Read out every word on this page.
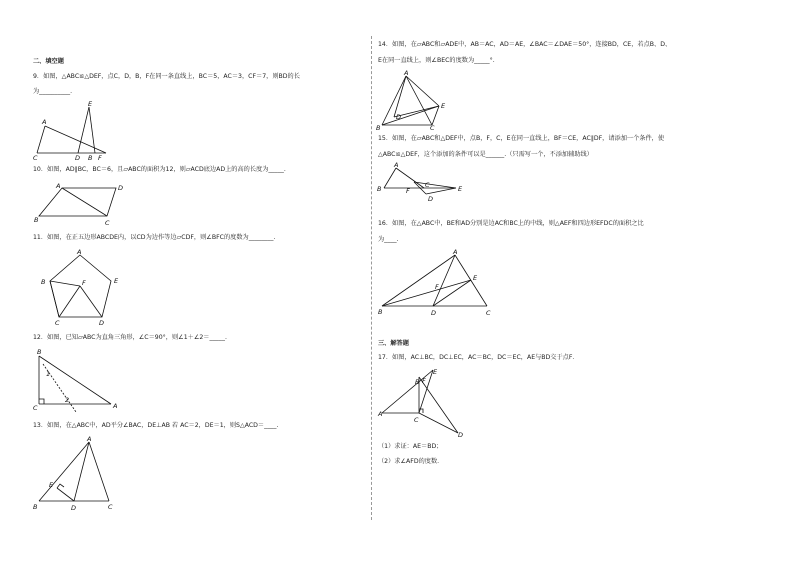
二、填空题
9．如图，△ABC≌△DEF，点C，D，B，F在同一条直线上，BC＝5，AC＝3，CF＝7，则BD的长
为__________.
A
E
C	D B F
10．如图，AD∥BC，BC＝6，且▱ABC的面积为12，则▱ACD底边AD上的高的长度为_____.
A	D
B	C
11．如图，在正五边形ABCDE内，以CD为边作等边▱CDF，则∠BFC的度数为________.
A
E
B	F
C	D
12．如图，已知▱ABC为直角三角形，∠C＝90°，则∠1＋∠2＝_____.
B
C	A
1
2
13．如图，在△ABC中，AD平分∠BAC，DE⊥AB 若 AC＝2，DE＝1，则S△ACD＝____.
A
E
B	D	C
14．如图，在▱ABC和▱ADE中，AB＝AC，AD＝AE，∠BAC＝∠DAE＝50°，连接BD，CE，若点B、D、
E在同一直线上，则∠BEC的度数为_____°.
A
E
D
B	C
15．如图，在▱ABC和△DEF中，点B，F，C，E在同一直线上，BF＝CE，AC∥DF，请添加一个条件，使
△ABC≌△DEF，这个添加的条件可以是______.（只需写一个，不添加辅助线）
A
B	C
F
D
E
16．如图，在△ABC中，BE和AD分别是边AC和BC上的中线，则△AEF和四边形EFDC的面积之比
为____.
A
E
F
B	D	C
三、解答题
17．如图，AC⊥BC，DC⊥EC，AC＝BC，DC＝EC，AE与BD交于点F．
A
B F
E
C
D
（1）求证：AE＝BD；
（2）求∠AFD的度数.
